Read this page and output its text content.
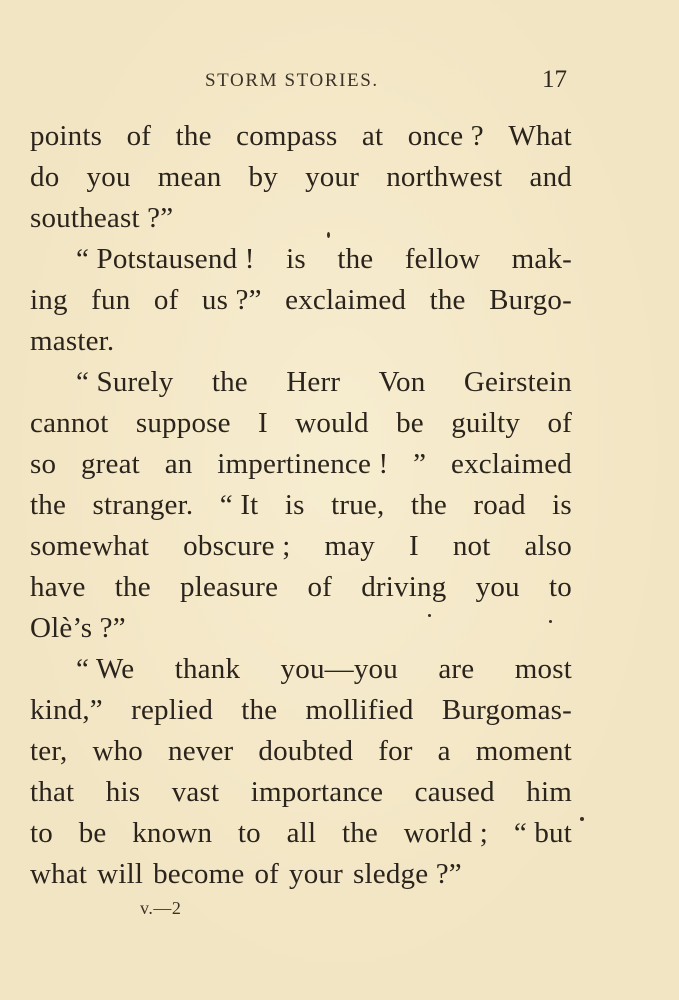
STORM STORIES.	17
points of the compass at once ? What
do you mean by your northwest and
southeast ?”
“ Potstausend ! is the fellow mak-
ing fun of us ?” exclaimed the Burgo-
master.
“ Surely the Herr Von Geirstein
cannot suppose I would be guilty of
so great an impertinence ! ” exclaimed
the stranger. “ It is true, the road is
somewhat obscure ; may I not also
have the pleasure of driving you to
Olè’s ?”
“ We thank you—you are most
kind,” replied the mollified Burgomas-
ter, who never doubted for a moment
that his vast importance caused him
to be known to all the world ; “ but
what will become of your sledge ?”
v.—2
